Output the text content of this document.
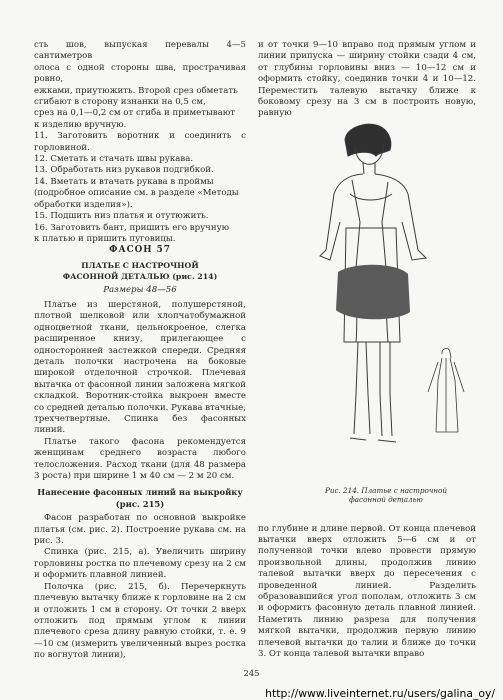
сть шов, выпуская перевалы 4—5 сантиметров

олоса с одной стороны шва, прострачивая ровно,

ежками, приутюжить. Второй срез обметать

сгибают в сторону изнанки на 0,5 см,

срез на 0,1—0,2 см от сгиба и приметывают

к изделию вручную.

11. Заготовить воротник и соединить с горловиной.

12. Сметать и стачать швы рукава.

13. Обработать низ рукавов подгибкой.

14. Вметать и втачать рукава в проймы

(подробное описание см. в разделе «Методы

обработки изделия»).

15. Подшить низ платья и отутюжить.

16. Заготовить бант, пришить его вручную

к платью и пришить пуговицы.

ФАСОН 57

ПЛАТЬЕ С НАСТРОЧНОЙ

ФАСОННОЙ ДЕТАЛЬЮ (рис. 214)

Размеры 48—56

Платье из шерстяной, полушерстяной, плотной шелковой или хлопчатобумажной одноцветной ткани, цельнокроеное, слегка расширенное книзу, прилегающее с односторонней застежкой спереди. Средняя деталь полочки настрочена на боковые широкой отделочной строчкой. Плечевая вытачка от фасонной линии заложена мягкой складкой. Воротник-стойка выкроен вместе со средней деталью полочки. Рукава втачные, трехчетвертные. Спинка без фасонных линий.

Платье такого фасона рекомендуется женщинам среднего возраста любого телосложения. Расход ткани (для 48 размера 3 роста) при ширине 1 м 40 см — 2 м 20 см.

Нанесение фасонных линий на выкройку

(рис. 215)

Фасон разработан по основной выкройке платья (см. рис. 2). Построение рукава см. на рис. 3.

Спинка (рис. 215, а). Увеличить ширину горловины ростка по плечевому срезу на 2 см и оформить плавной линией.

Полочка (рис. 215, б). Перечеркнуть плечевую вытачку ближе к горловине на 2 см и отложить 1 см в сторону. От точки 2 вверх отложить под прямым углом к линии плечевого среза длину равную стойки, т. е. 9—10 см (измерить увеличенный вырез ростка по вогнутой линии),

и от точки 9—10 вправо под прямым углом и линии припуска — ширину стойки сзади 4 см, от глубины горловины вниз — 10—12 см и оформить стойку, соединив точки 4 и 10—12. Переместить талевую вытачку ближе к боковому срезу на 3 см в построить новую, равную

Рис. 214. Платье с настрочной
фасонной деталью

по глубине и длине первой. От конца плечевой вытачки вверх отложить 5—6 см и от полученной точки влево провести прямую произвольной длины, продолжив линию талевой вытачки вверх до пересечения с проведенной линией. Разделить образовавшийся угол пополам, отложить 3 см и оформить фасонную деталь плавной линией. Наметить линию разреза для получения мягкой вытачки, продолжив первую линию плечевой вытачки до талии и ближе до точки 3. От конца талевой вытачки вправо

245
http://www.liveinternet.ru/users/galina_oy/
